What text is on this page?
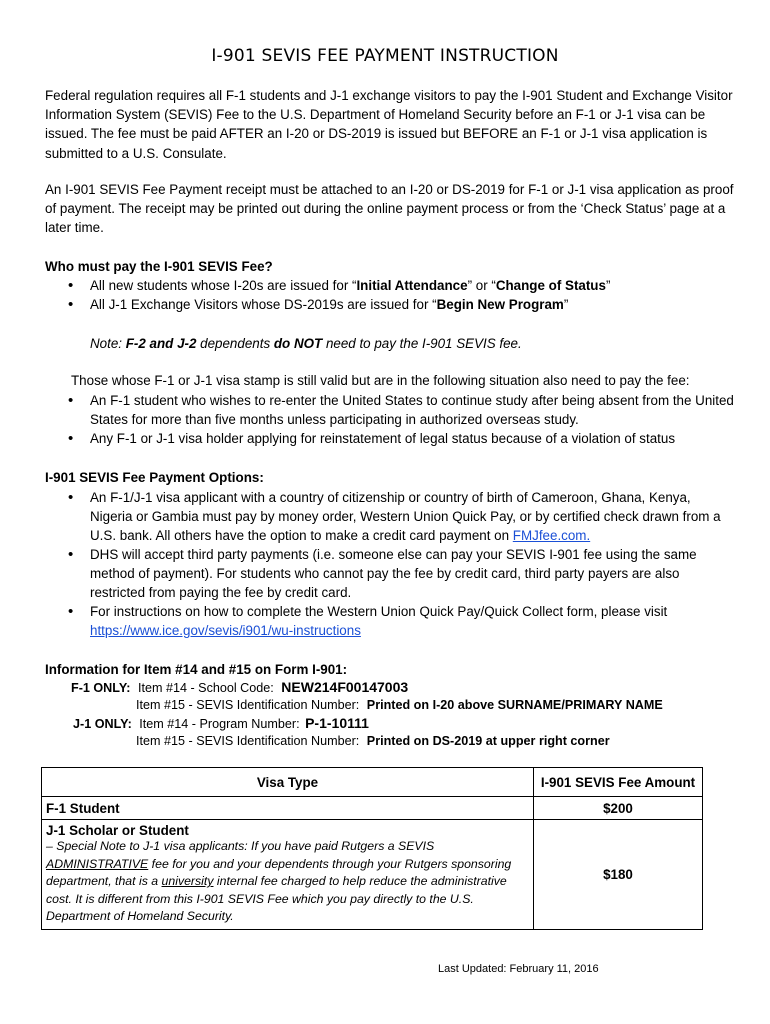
I-901 SEVIS FEE PAYMENT INSTRUCTION
Federal regulation requires all F-1 students and J-1 exchange visitors to pay the I-901 Student and Exchange Visitor Information System (SEVIS) Fee to the U.S. Department of Homeland Security before an F-1 or J-1 visa can be issued. The fee must be paid AFTER an I-20 or DS-2019 is issued but BEFORE an F-1 or J-1 visa application is submitted to a U.S. Consulate.
An I-901 SEVIS Fee Payment receipt must be attached to an I-20 or DS-2019 for F-1 or J-1 visa application as proof of payment. The receipt may be printed out during the online payment process or from the ‘Check Status’ page at a later time.
Who must pay the I-901 SEVIS Fee?
• All new students whose I-20s are issued for “Initial Attendance” or “Change of Status”
• All J-1 Exchange Visitors whose DS-2019s are issued for “Begin New Program”
Note: F-2 and J-2 dependents do NOT need to pay the I-901 SEVIS fee.
Those whose F-1 or J-1 visa stamp is still valid but are in the following situation also need to pay the fee:
• An F-1 student who wishes to re-enter the United States to continue study after being absent from the United States for more than five months unless participating in authorized overseas study.
• Any F-1 or J-1 visa holder applying for reinstatement of legal status because of a violation of status
I-901 SEVIS Fee Payment Options:
• An F-1/J-1 visa applicant with a country of citizenship or country of birth of Cameroon, Ghana, Kenya, Nigeria or Gambia must pay by money order, Western Union Quick Pay, or by certified check drawn from a U.S. bank. All others have the option to make a credit card payment on FMJfee.com.
• DHS will accept third party payments (i.e. someone else can pay your SEVIS I-901 fee using the same method of payment). For students who cannot pay the fee by credit card, third party payers are also restricted from paying the fee by credit card.
• For instructions on how to complete the Western Union Quick Pay/Quick Collect form, please visit
https://www.ice.gov/sevis/i901/wu-instructions
Information for Item #14 and #15 on Form I-901:
F-1 ONLY: Item #14 - School Code: NEW214F00147003
Item #15 - SEVIS Identification Number: Printed on I-20 above SURNAME/PRIMARY NAME
J-1 ONLY: Item #14 - Program Number: P-1-10111
Item #15 - SEVIS Identification Number: Printed on DS-2019 at upper right corner
Visa Type	I-901 SEVIS Fee Amount
F-1 Student	$200

J-1 Scholar or Student
– Special Note to J-1 visa applicants: If you have paid Rutgers a SEVIS ADMINISTRATIVE fee for you and your dependents through your Rutgers sponsoring department, that is a university internal fee charged to help reduce the administrative cost. It is different from this I-901 SEVIS Fee which you pay directly to the U.S. Department of Homeland Security.	$180
Last Updated: February 11, 2016
